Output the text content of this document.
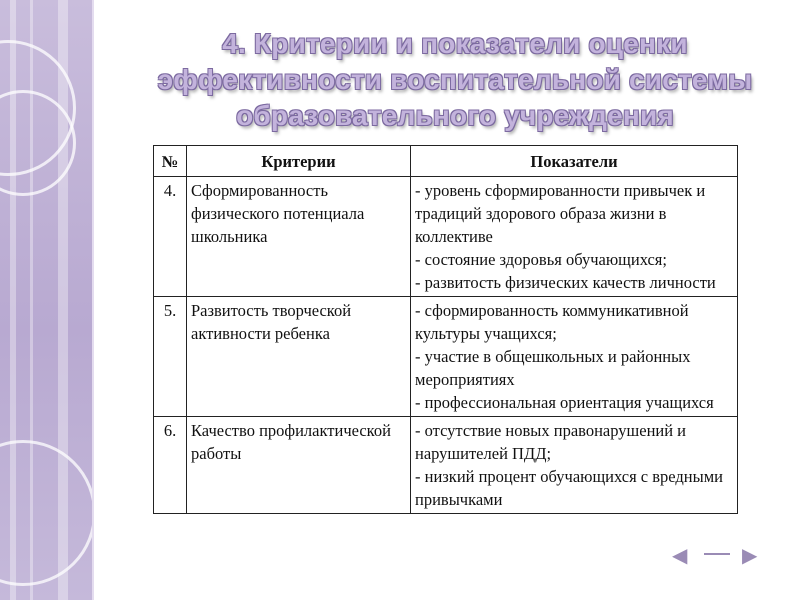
4. Критерии и показатели оценки
эффективности воспитательной системы
образовательного учреждения
№	Критерии	Показатели
4.	Сформированность физического потенциала школьника	- уровень сформированности привычек и традиций здорового образа жизни в коллективе
- состояние здоровья обучающихся;
- развитость физических качеств личности

5.	Развитость творческой активности ребенка	- сформированность коммуникативной культуры учащихся;
- участие в общешкольных и районных мероприятиях
- профессиональная ориентация учащихся

6.	Качество профилактической работы	- отсутствие новых правонарушений и нарушителей ПДД;
- низкий процент обучающихся с вредными привычками
◀	▶
